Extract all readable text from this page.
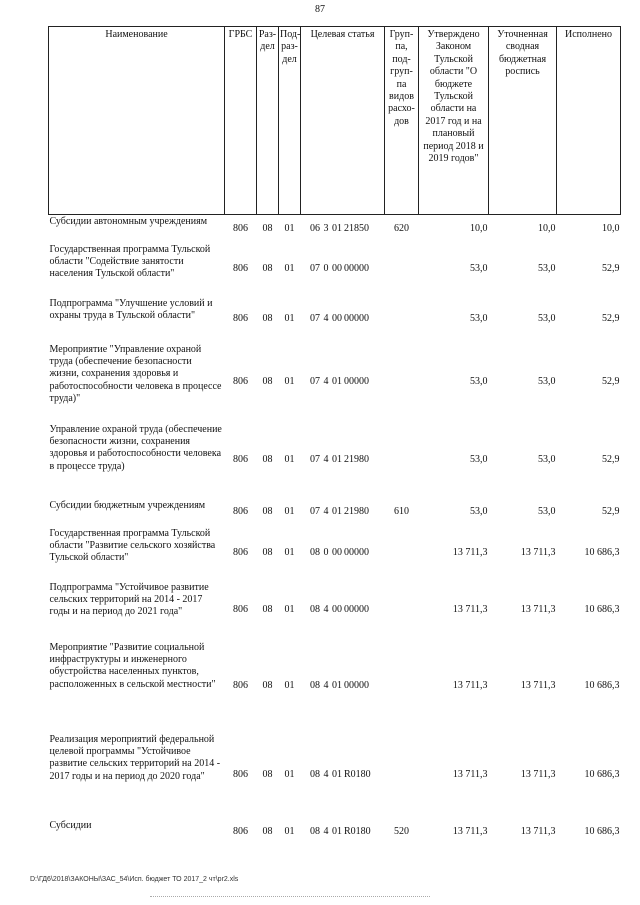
87
Наименование	ГРБС	Раз-дел	Под-раз-дел	Целевая статья	Груп-па, под-груп-па видов расхо-дов	Утверждено Законом Тульской области "О бюджете Тульской области на 2017 год и на плановый период 2018 и 2019 годов"	Уточненная сводная бюджетная роспись	Исполнено
Субсидии автономным учреждениям	806	08	01	06 3 01 21850	620	10,0	10,0	10,0
Государственная программа Тульской области "Содействие занятости населения Тульской области"	806	08	01	07 0 00 00000		53,0	53,0	52,9
Подпрограмма "Улучшение условий и охраны труда в Тульской области"	806	08	01	07 4 00 00000		53,0	53,0	52,9
Мероприятие "Управление охраной труда (обеспечение безопасности жизни, сохранения здоровья и работоспособности человека в процессе труда)"	806	08	01	07 4 01 00000		53,0	53,0	52,9
Управление охраной труда (обеспечение безопасности жизни, сохранения здоровья и работоспособности человека в процессе труда)	806	08	01	07 4 01 21980		53,0	53,0	52,9
Субсидии бюджетным учреждениям	806	08	01	07 4 01 21980	610	53,0	53,0	52,9
Государственная программа Тульской области "Развитие сельского хозяйства Тульской области"	806	08	01	08 0 00 00000		13 711,3	13 711,3	10 686,3
Подпрограмма "Устойчивое развитие сельских территорий на 2014 - 2017 годы и на период до 2021 года"	806	08	01	08 4 00 00000		13 711,3	13 711,3	10 686,3
Мероприятие "Развитие социальной инфраструктуры и инженерного обустройства населенных пунктов, расположенных в сельской местности"	806	08	01	08 4 01 00000		13 711,3	13 711,3	10 686,3
Реализация мероприятий федеральной целевой программы "Устойчивое развитие сельских территорий на 2014 - 2017 годы и на период до 2020 года"	806	08	01	08 4 01 R0180		13 711,3	13 711,3	10 686,3
Субсидии	806	08	01	08 4 01 R0180	520	13 711,3	13 711,3	10 686,3
D:\ГД6\2018\ЗАКОНЫ\ЗАС_54\Исп. бюджет ТО 2017_2 чт\pr2.xls
